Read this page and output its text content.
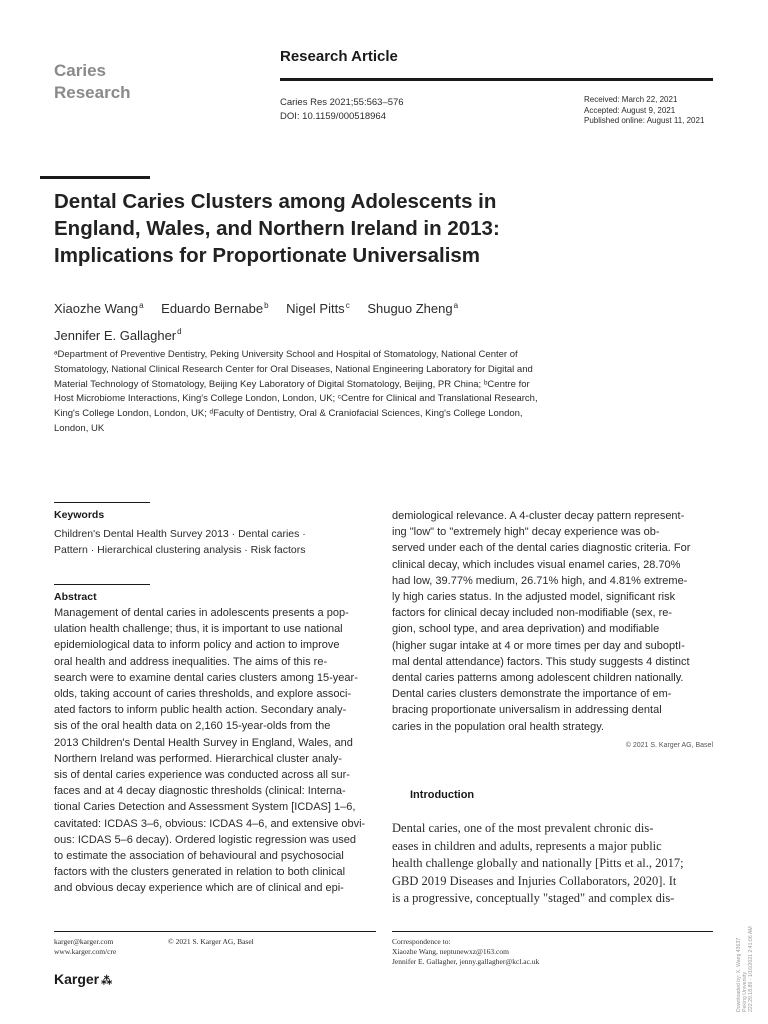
Caries
Research
Research Article
Caries Res 2021;55:563–576
DOI: 10.1159/000518964
Received: March 22, 2021
Accepted: August 9, 2021
Published online: August 11, 2021
Dental Caries Clusters among Adolescents in
England, Wales, and Northern Ireland in 2013:
Implications for Proportionate Universalism
Xiaozhe Wang$^a$ Eduardo Bernabe$^b$ Nigel Pitts$^c$ Shuguo Zheng$^a$
Jennifer E. Gallagher$^d$
ᵃDepartment of Preventive Dentistry, Peking University School and Hospital of Stomatology, National Center of
Stomatology, National Clinical Research Center for Oral Diseases, National Engineering Laboratory for Digital and
Material Technology of Stomatology, Beijing Key Laboratory of Digital Stomatology, Beijing, PR China; ᵇCentre for
Host Microbiome Interactions, King's College London, London, UK; ᶜCentre for Clinical and Translational Research,
King's College London, London, UK; ᵈFaculty of Dentistry, Oral & Craniofacial Sciences, King's College London,
London, UK
Keywords
Children's Dental Health Survey 2013 · Dental caries ·
Pattern · Hierarchical clustering analysis · Risk factors
Abstract
Management of dental caries in adolescents presents a pop-
ulation health challenge; thus, it is important to use national
epidemiological data to inform policy and action to improve
oral health and address inequalities. The aims of this re-
search were to examine dental caries clusters among 15-year-
olds, taking account of caries thresholds, and explore associ-
ated factors to inform public health action. Secondary analy-
sis of the oral health data on 2,160 15-year-olds from the
2013 Children's Dental Health Survey in England, Wales, and
Northern Ireland was performed. Hierarchical cluster analy-
sis of dental caries experience was conducted across all sur-
faces and at 4 decay diagnostic thresholds (clinical: Interna-
tional Caries Detection and Assessment System [ICDAS] 1–6,
cavitated: ICDAS 3–6, obvious: ICDAS 4–6, and extensive obvi-
ous: ICDAS 5–6 decay). Ordered logistic regression was used
to estimate the association of behavioural and psychosocial
factors with the clusters generated in relation to both clinical
and obvious decay experience which are of clinical and epi-
demiological relevance. A 4-cluster decay pattern represent-
ing "low" to "extremely high" decay experience was ob-
served under each of the dental caries diagnostic criteria. For
clinical decay, which includes visual enamel caries, 28.70%
had low, 39.77% medium, 26.71% high, and 4.81% extreme-
ly high caries status. In the adjusted model, significant risk
factors for clinical decay included non-modifiable (sex, re-
gion, school type, and area deprivation) and modifiable
(higher sugar intake at 4 or more times per day and suboptI-
mal dental attendance) factors. This study suggests 4 distinct
dental caries patterns among adolescent children nationally.
Dental caries clusters demonstrate the importance of em-
bracing proportionate universalism in addressing dental
caries in the population oral health strategy.
© 2021 S. Karger AG, Basel
Introduction
Dental caries, one of the most prevalent chronic dis-
eases in children and adults, represents a major public
health challenge globally and nationally [Pitts et al., 2017;
GBD 2019 Diseases and Injuries Collaborators, 2020]. It
is a progressive, conceptually "staged" and complex dis-
karger@karger.com
www.karger.com/cre
© 2021 S. Karger AG, Basel	Correspondence to:
Xiaozhe Wang, neptunewxz@163.com
Jennifer E. Gallagher, jenny.gallagher@kcl.ac.uk
Karger ⁂	Downloaded by: X. Wang 43637 Peking University 222.29.18.89 - 1/16/2021 2:41:06 AM
